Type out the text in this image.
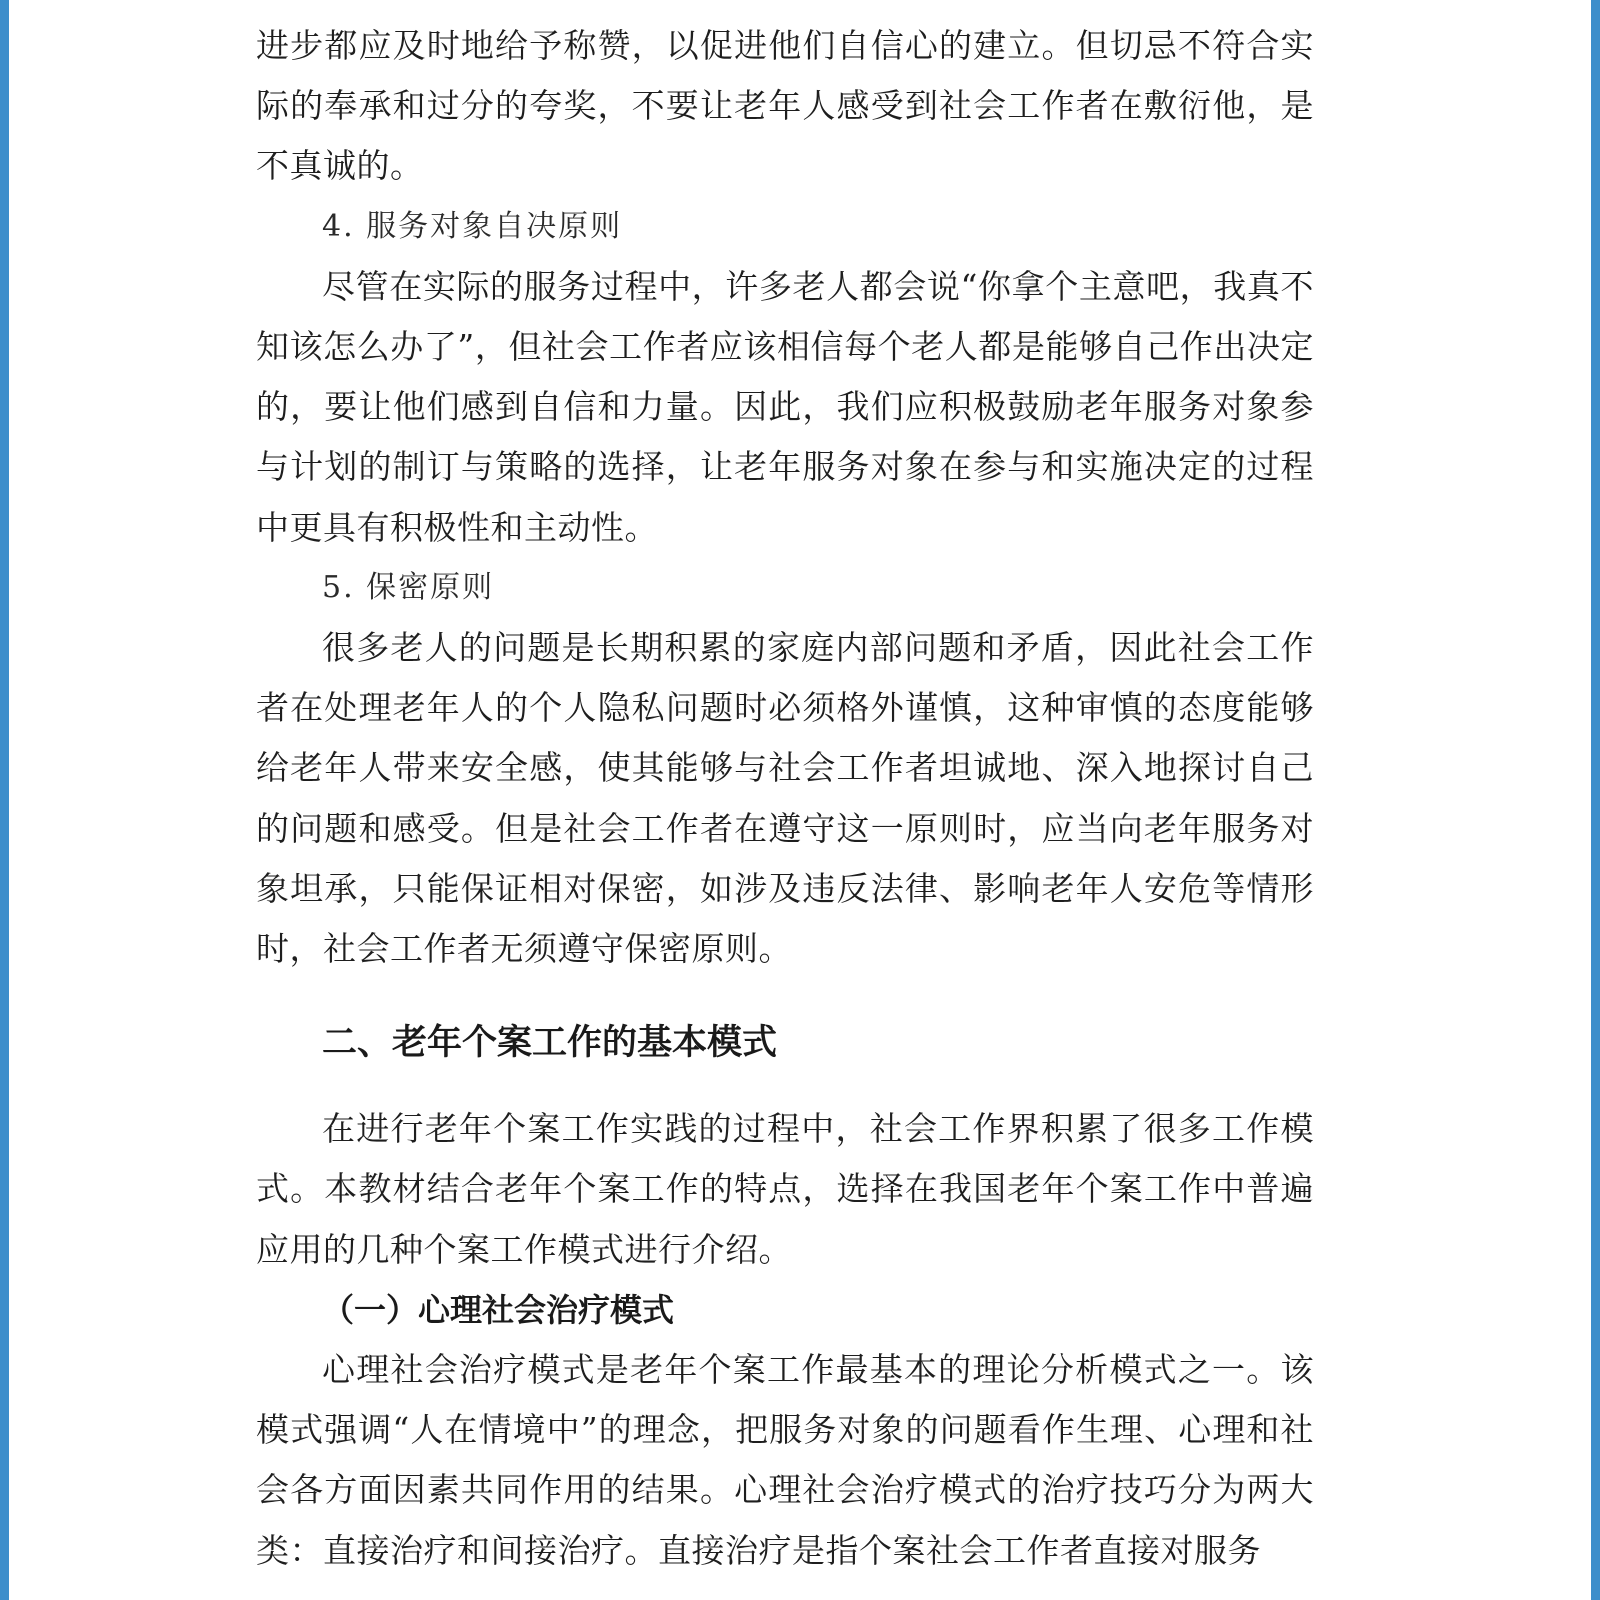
进步都应及时地给予称赞，以促进他们自信心的建立。但切忌不符合实际的奉承和过分的夸奖，不要让老年人感受到社会工作者在敷衍他，是不真诚的。

4. 服务对象自决原则

尽管在实际的服务过程中，许多老人都会说“你拿个主意吧，我真不知该怎么办了”，但社会工作者应该相信每个老人都是能够自己作出决定的，要让他们感到自信和力量。因此，我们应积极鼓励老年服务对象参与计划的制订与策略的选择，让老年服务对象在参与和实施决定的过程中更具有积极性和主动性。

5. 保密原则

很多老人的问题是长期积累的家庭内部问题和矛盾，因此社会工作者在处理老年人的个人隐私问题时必须格外谨慎，这种审慎的态度能够给老年人带来安全感，使其能够与社会工作者坦诚地、深入地探讨自己的问题和感受。但是社会工作者在遵守这一原则时，应当向老年服务对象坦承，只能保证相对保密，如涉及违反法律、影响老年人安危等情形时，社会工作者无须遵守保密原则。

二、老年个案工作的基本模式

在进行老年个案工作实践的过程中，社会工作界积累了很多工作模式。本教材结合老年个案工作的特点，选择在我国老年个案工作中普遍应用的几种个案工作模式进行介绍。

（一）心理社会治疗模式

心理社会治疗模式是老年个案工作最基本的理论分析模式之一。该模式强调“人在情境中”的理念，把服务对象的问题看作生理、心理和社会各方面因素共同作用的结果。心理社会治疗模式的治疗技巧分为两大类：直接治疗和间接治疗。直接治疗是指个案社会工作者直接对服务
